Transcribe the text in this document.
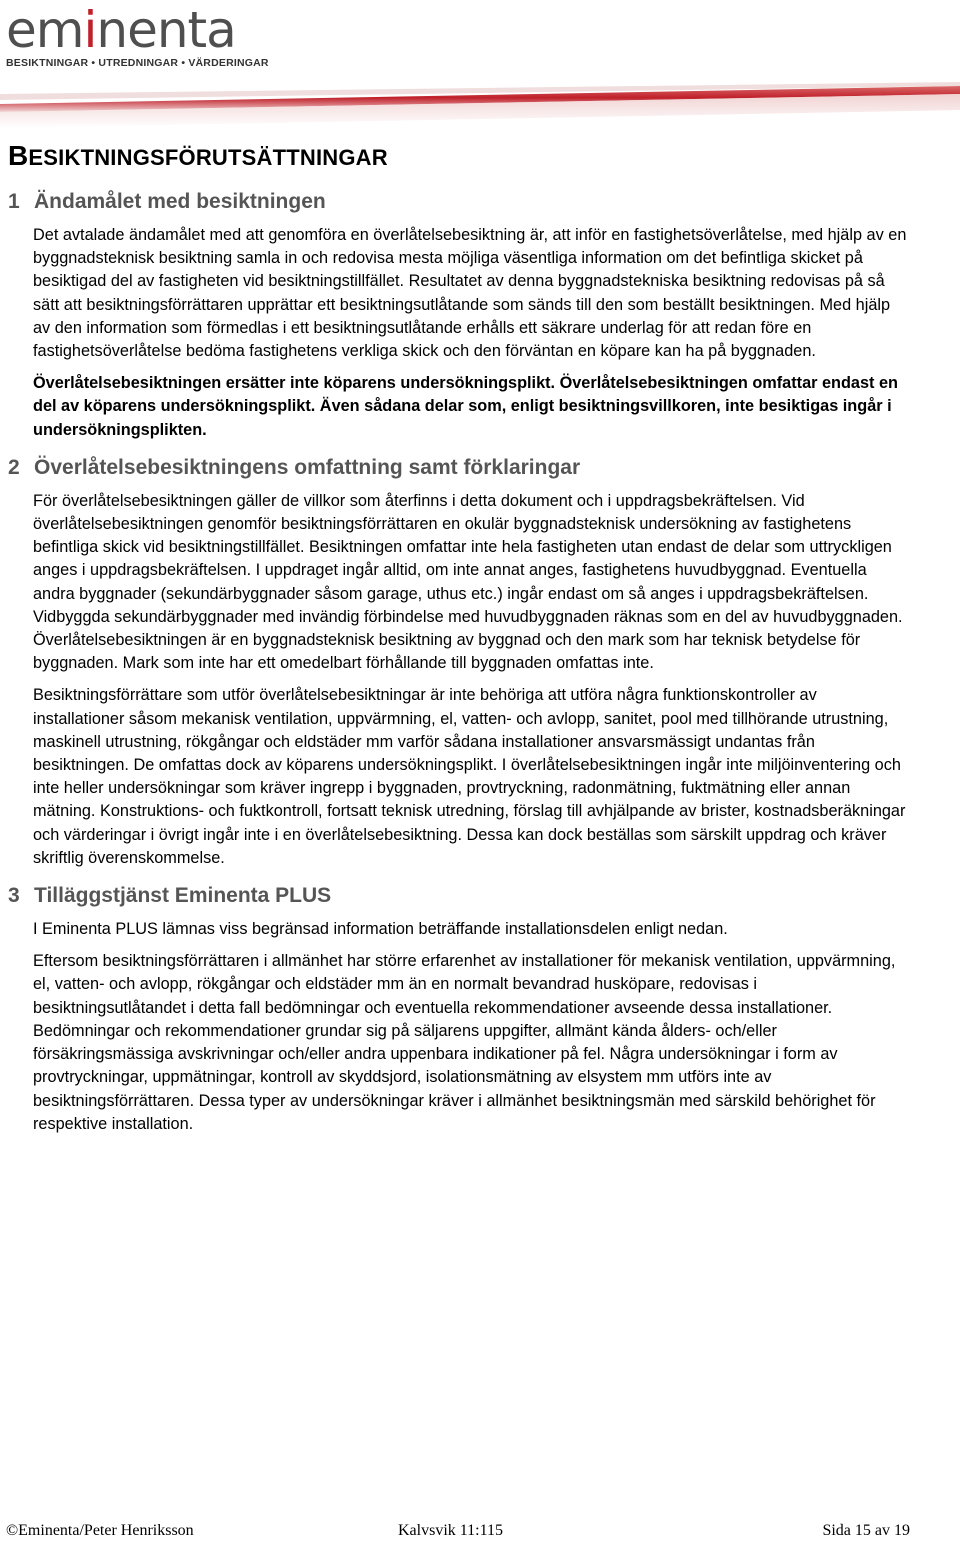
eminenta
BESIKTNINGAR • UTREDNINGAR • VÄRDERINGAR
BESIKTNINGSFÖRUTSÄTTNINGAR
1 Ändamålet med besiktningen

Det avtalade ändamålet med att genomföra en överlåtelsebesiktning är, att inför en fastighetsöverlåtelse, med hjälp av en byggnadsteknisk besiktning samla in och redovisa mesta möjliga väsentliga information om det befintliga skicket på besiktigad del av fastigheten vid besiktningstillfället. Resultatet av denna byggnadstekniska besiktning redovisas på så sätt att besiktningsförrättaren upprättar ett besiktningsutlåtande som sänds till den som beställt besiktningen. Med hjälp av den information som förmedlas i ett besiktningsutlåtande erhålls ett säkrare underlag för att redan före en fastighetsöverlåtelse bedöma fastighetens verkliga skick och den förväntan en köpare kan ha på byggnaden.

Överlåtelsebesiktningen ersätter inte köparens undersökningsplikt. Överlåtelsebesiktningen omfattar endast en del av köparens undersökningsplikt. Även sådana delar som, enligt besiktningsvillkoren, inte besiktigas ingår i undersökningsplikten.

2 Överlåtelsebesiktningens omfattning samt förklaringar

För överlåtelsebesiktningen gäller de villkor som återfinns i detta dokument och i uppdragsbekräftelsen. Vid överlåtelsebesiktningen genomför besiktningsförrättaren en okulär byggnadsteknisk undersökning av fastighetens befintliga skick vid besiktningstillfället. Besiktningen omfattar inte hela fastigheten utan endast de delar som uttryckligen anges i uppdragsbekräftelsen. I uppdraget ingår alltid, om inte annat anges, fastighetens huvudbyggnad. Eventuella andra byggnader (sekundärbyggnader såsom garage, uthus etc.) ingår endast om så anges i uppdragsbekräftelsen. Vidbyggda sekundärbyggnader med invändig förbindelse med huvudbyggnaden räknas som en del av huvudbyggnaden. Överlåtelsebesiktningen är en byggnadsteknisk besiktning av byggnad och den mark som har teknisk betydelse för byggnaden. Mark som inte har ett omedelbart förhållande till byggnaden omfattas inte.

Besiktningsförrättare som utför överlåtelsebesiktningar är inte behöriga att utföra några funktionskontroller av installationer såsom mekanisk ventilation, uppvärmning, el, vatten- och avlopp, sanitet, pool med tillhörande utrustning, maskinell utrustning, rökgångar och eldstäder mm varför sådana installationer ansvarsmässigt undantas från besiktningen. De omfattas dock av köparens undersökningsplikt. I överlåtelsebesiktningen ingår inte miljöinventering och inte heller undersökningar som kräver ingrepp i byggnaden, provtryckning, radonmätning, fuktmätning eller annan mätning. Konstruktions- och fuktkontroll, fortsatt teknisk utredning, förslag till avhjälpande av brister, kostnadsberäkningar och värderingar i övrigt ingår inte i en överlåtelsebesiktning. Dessa kan dock beställas som särskilt uppdrag och kräver skriftlig överenskommelse.

3 Tilläggstjänst Eminenta PLUS

I Eminenta PLUS lämnas viss begränsad information beträffande installationsdelen enligt nedan.

Eftersom besiktningsförrättaren i allmänhet har större erfarenhet av installationer för mekanisk ventilation, uppvärmning, el, vatten- och avlopp, rökgångar och eldstäder mm än en normalt bevandrad husköpare, redovisas i besiktningsutlåtandet i detta fall bedömningar och eventuella rekommendationer avseende dessa installationer. Bedömningar och rekommendationer grundar sig på säljarens uppgifter, allmänt kända ålders- och/eller försäkringsmässiga avskrivningar och/eller andra uppenbara indikationer på fel. Några undersökningar i form av provtryckningar, uppmätningar, kontroll av skyddsjord, isolationsmätning av elsystem mm utförs inte av besiktningsförrättaren. Dessa typer av undersökningar kräver i allmänhet besiktningsmän med särskild behörighet för respektive installation.

©Eminenta/Peter Henriksson	Kalvsvik 11:115	Sida 15 av 19
